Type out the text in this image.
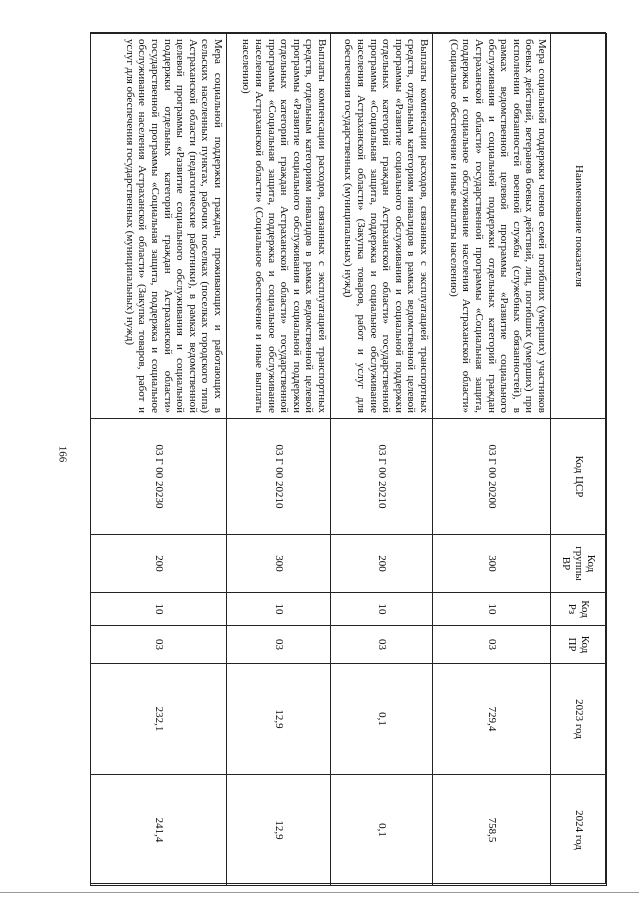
166
Наименование показателя	Код ЦСР	Код группы ВР	Код Рз	Код ПР	2023 год	2024 год
Мера социальной поддержки членов семей погибших (умерших) участников боевых действий, ветеранов боевых действий, лиц, погибших (умерших) при исполнении обязанностей военной службы (служебных обязанностей), в рамках ведомственной целевой программы «Развитие социального обслуживания и социальной поддержки отдельных категорий граждан Астраханской области» государственной программы «Социальная защита, поддержка и социальное обслуживание населения Астраханской области» (Социальное обеспечение и иные выплаты населению)	03 Г 00 20200	300	10	03	729,4	758,5
Выплаты компенсации расходов, связанных с эксплуатацией транспортных средств, отдельным категориям инвалидов в рамках ведомственной целевой программы «Развитие социального обслуживания и социальной поддержки отдельных категорий граждан Астраханской области» государственной программы «Социальная защита, поддержка и социальное обслуживание населения Астраханской области» (Закупка товаров, работ и услуг для обеспечения государственных (муниципальных) нужд)	03 Г 00 20210	200	10	03	0,1	0,1
Выплаты компенсации расходов, связанных с эксплуатацией транспортных средств, отдельным категориям инвалидов в рамках ведомственной целевой программы «Развитие социального обслуживания и социальной поддержки отдельных категорий граждан Астраханской области» государственной программы «Социальная защита, поддержка и социальное обслуживание населения Астраханской области» (Социальное обеспечение и иные выплаты населению)	03 Г 00 20210	300	10	03	12,9	12,9
Мера социальной поддержки граждан, проживающих и работающих в сельских населенных пунктах, рабочих поселках (поселках городского типа) Астраханской области (педагогические работники), в рамках ведомственной целевой программы «Развитие социального обслуживания и социальной поддержки отдельных категорий граждан Астраханской области» государственной программы «Социальная защита, поддержка и социальное обслуживание населения Астраханской области» (Закупка товаров, работ и услуг для обеспечения государственных (муниципальных) нужд)	03 Г 00 20230	200	10	03	232,1	241,4
